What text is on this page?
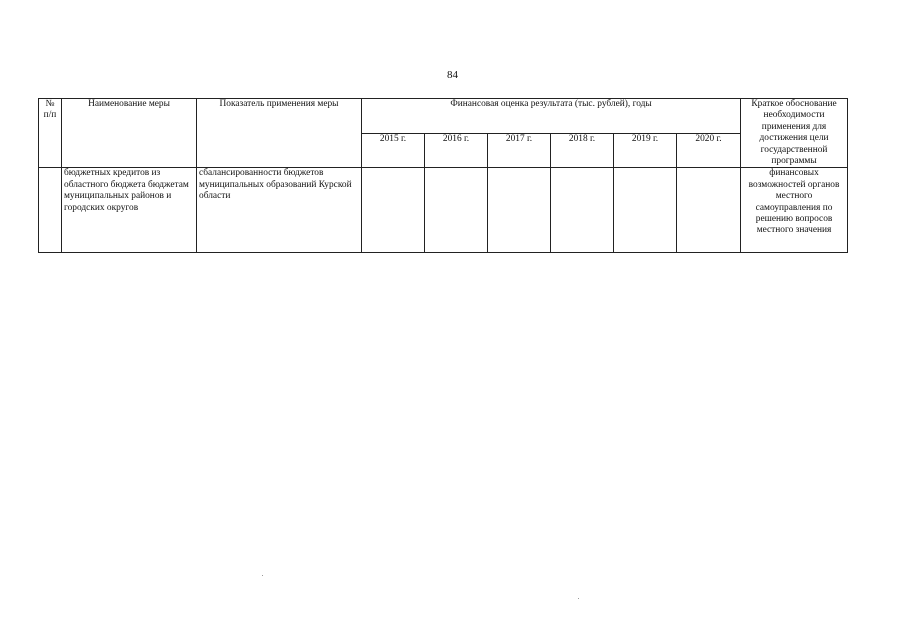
84
№ п/п	Наименование меры	Показатель применения меры	Финансовая оценка результата (тыс. рублей), годы						Краткое обоснование необходимости применения для достижения цели государственной программы
			2015 г.	2016 г.	2017 г.	2018 г.	2019 г.	2020 г.	
	бюджетных кредитов из областного бюджета бюджетам муниципальных районов и городских округов	сбалансированности бюджетов муниципальных образований Курской области							финансовых возможностей органов местного самоуправления по решению вопросов местного значения
